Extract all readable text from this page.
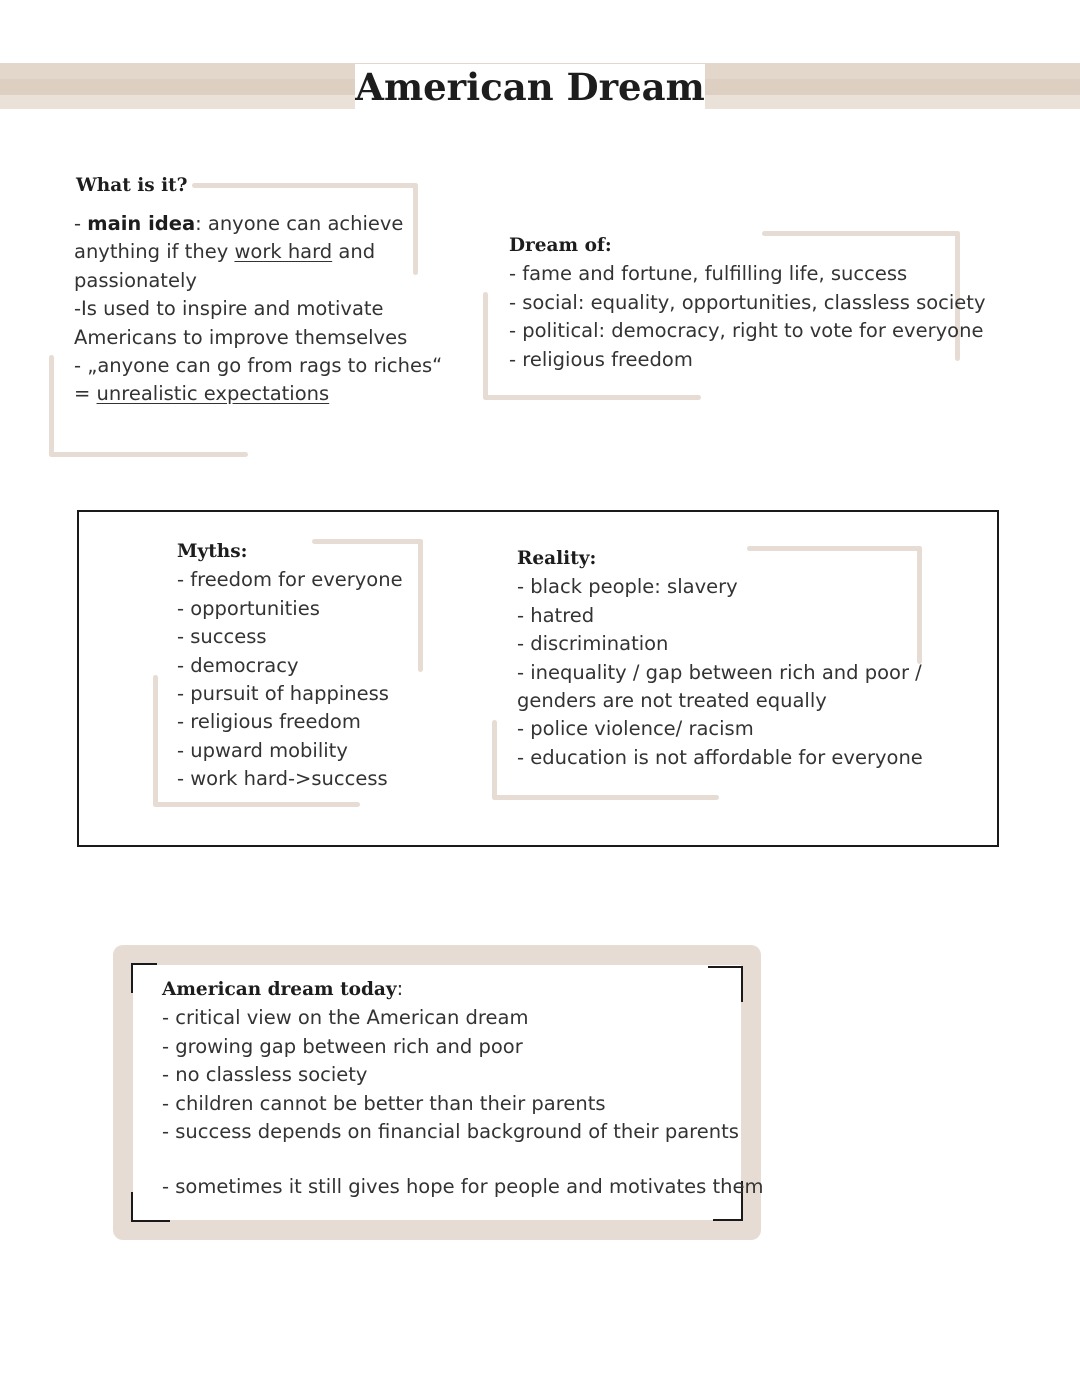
American Dream
What is it?
- main idea: anyone can achieve
anything if they work hard and
passionately
-Is used to inspire and motivate
Americans to improve themselves
- „anyone can go from rags to riches“
= unrealistic expectations
Dream of:
- fame and fortune, fulfilling life, success
- social: equality, opportunities, classless society
- political: democracy, right to vote for everyone
- religious freedom
Myths:
- freedom for everyone
- opportunities
- success
- democracy
- pursuit of happiness
- religious freedom
- upward mobility
- work hard->success
Reality:
- black people: slavery
- hatred
- discrimination
- inequality / gap between rich and poor /
genders are not treated equally
- police violence/ racism
- education is not affordable for everyone
American dream today:
- critical view on the American dream
- growing gap between rich and poor
- no classless society
- children cannot be better than their parents
- success depends on financial background of their parents
- sometimes it still gives hope for people and motivates them
